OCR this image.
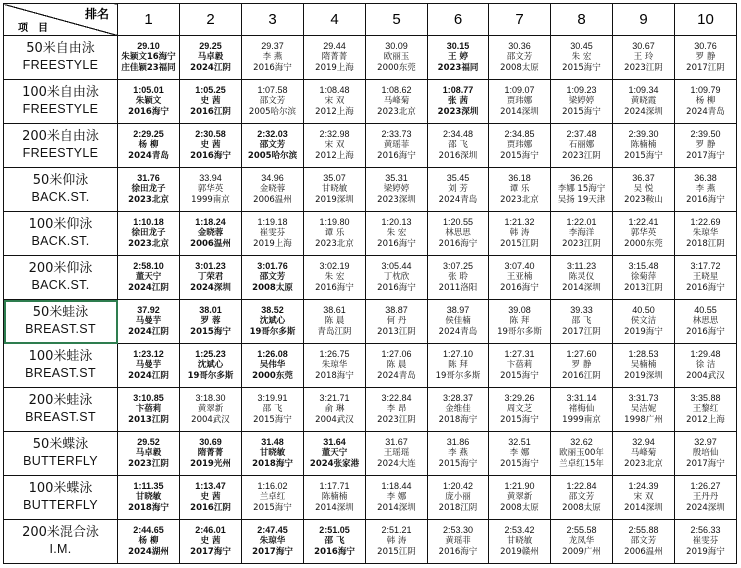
排名
项　目	1	2	3	4	5	6	7	8	9	10

50米自由泳
FREESTYLE	29.10
朱颖文16海宁
庄佳颖23福同	29.25
马卓毅
2024江阴	29.37
李 燕
2016海宁	29.44
隋菁菁
2019上海	30.09
欧丽玉
2000东莞	30.15
王 婷
2023福同	30.36
邵文芳
2008太原	30.45
朱 宏
2015海宁	30.67
王 玲
2023江阴	30.76
罗 静
2017江阴

100米自由泳
FREESTYLE	1:05.01
朱颖文
2016海宁	1:05.25
史 茜
2016江阴	1:07.58
邵文芳
2005哈尔滨	1:08.48
宋 双
2012上海	1:08.62
马峰菊
2023北京	1:08.77
张 茜
2023深圳	1:09.07
贾玮娜
2014深圳	1:09.23
梁婷婷
2015海宁	1:09.34
黄晓霞
2024深圳	1:09.79
杨 柳
2024青岛

200米自由泳
FREESTYLE	2:29.25
杨 柳
2024青岛	2:30.58
史 茜
2016海宁	2:32.03
邵文芳
2005哈尔滨	2:32.98
宋 双
2012上海	2:33.73
黄瑶菲
2016海宁	2:34.48
邵 飞
2016深圳	2:34.85
贾玮娜
2015海宁	2:37.48
石丽娜
2023江阴	2:39.30
陈楠楠
2015海宁	2:39.50
罗 静
2017海宁

50米仰泳
BACK.ST.	31.76
徐田龙子
2023北京	33.94
郭华英
1999南京	34.96
金晓蓉
2006温州	35.07
甘晓敏
2019深圳	35.31
梁婷婷
2023深圳	35.45
刘 芳
2024青岛	36.18
谭 乐
2023北京	36.26
李娜 15海宁
吴扬 19天津	36.37
吴 悦
2023鞍山	36.38
李 燕
2016海宁

100米仰泳
BACK.ST.	1:10.18
徐田龙子
2023北京	1:18.24
金晓蓉
2006温州	1:19.18
崔雯芬
2019上海	1:19.80
谭 乐
2023北京	1:20.13
朱 宏
2016海宁	1:20.55
林思思
2016海宁	1:21.32
韩 涛
2015江阴	1:22.01
李海洋
2023江阴	1:22.41
郭华英
2000东莞	1:22.69
朱琼华
2018江阴

200米仰泳
BACK.ST.	2:58.10
董天宁
2024江阴	3:01.23
丁荣君
2024深圳	3:01.76
邵文芳
2008太原	3:02.19
朱 宏
2016海宁	3:05.44
丁枕欣
2016海宁	3:07.25
张 聆
2011洛阳	3:07.40
王亚楠
2016海宁	3:11.23
陈灵仪
2014深圳	3:15.48
徐菊萍
2013江阴	3:17.72
王晓星
2016海宁

50米蛙泳
BREAST.ST	37.92
马曼芋
2024江阴	38.01
罗 蓉
2015海宁	38.52
沈斌心
19哥尔多斯	38.61
陈 晨
青岛江阴	38.87
何 丹
2013江阴	38.97
侯佳楠
2024青岛	39.08
陈 拜
19哥尔多斯	39.33
邵 飞
2017江阴	40.50
侯文洁
2019海宁	40.55
林思思
2016海宁

100米蛙泳
BREAST.ST	1:23.12
马曼芋
2024江阴	1:25.23
沈斌心
19哥尔多斯	1:26.08
吴伟华
2000东莞	1:26.75
朱琼华
2018海宁	1:27.06
陈 晨
2024青岛	1:27.10
陈 拜
19哥尔多斯	1:27.31
卞蓓莉
2015海宁	1:27.60
罗 静
2016江阴	1:28.53
吴楠楠
2019深圳	1:29.48
徐 洁
2004武汉

200米蛙泳
BREAST.ST	3:10.85
卞蓓莉
2013江阴	3:18.30
黄翠新
2004武汉	3:19.91
邵 飞
2015海宁	3:21.71
俞 琳
2004武汉	3:22.84
李 昂
2023江阴	3:28.37
金维佳
2018海宁	3:29.26
周文芝
2015海宁	3:31.14
褚梅仙
1999南京	3:31.73
吴洁妮
1998广州	3:35.88
王黎红
2012上海

50米蝶泳
BUTTERFLY	29.52
马卓毅
2023江阴	30.69
隋菁菁
2019光州	31.48
甘晓敏
2018海宁	31.64
董天宁
2024张家港	31.67
王瑶瑶
2024大连	31.86
李 燕
2015海宁	32.51
李 娜
2015海宁	32.62
欧丽玉00年
兰卓红15年	32.94
马峰菊
2023北京	32.97
殷培仙
2017海宁

100米蝶泳
BUTTERFLY	1:11.35
甘晓敏
2018海宁	1:13.47
史 茜
2016江阴	1:16.02
兰卓红
2015海宁	1:17.71
陈楠楠
2014深圳	1:18.44
李 娜
2014深圳	1:20.42
庞小丽
2018江阴	1:21.90
黄翠新
2008太原	1:22.84
邵文芳
2008太原	1:24.39
宋 双
2014深圳	1:26.27
王丹丹
2024深圳

200米混合泳
I.M.	2:44.65
杨 柳
2024湖州	2:46.01
史 茜
2017海宁	2:47.45
朱琼华
2017海宁	2:51.05
邵 飞
2016海宁	2:51.21
韩 涛
2015江阴	2:53.30
黄瑶菲
2016海宁	2:53.42
甘晓敏
2019赣州	2:55.58
龙凤华
2009广州	2:55.88
邵文芳
2006温州	2:56.33
崔雯芬
2019海宁
